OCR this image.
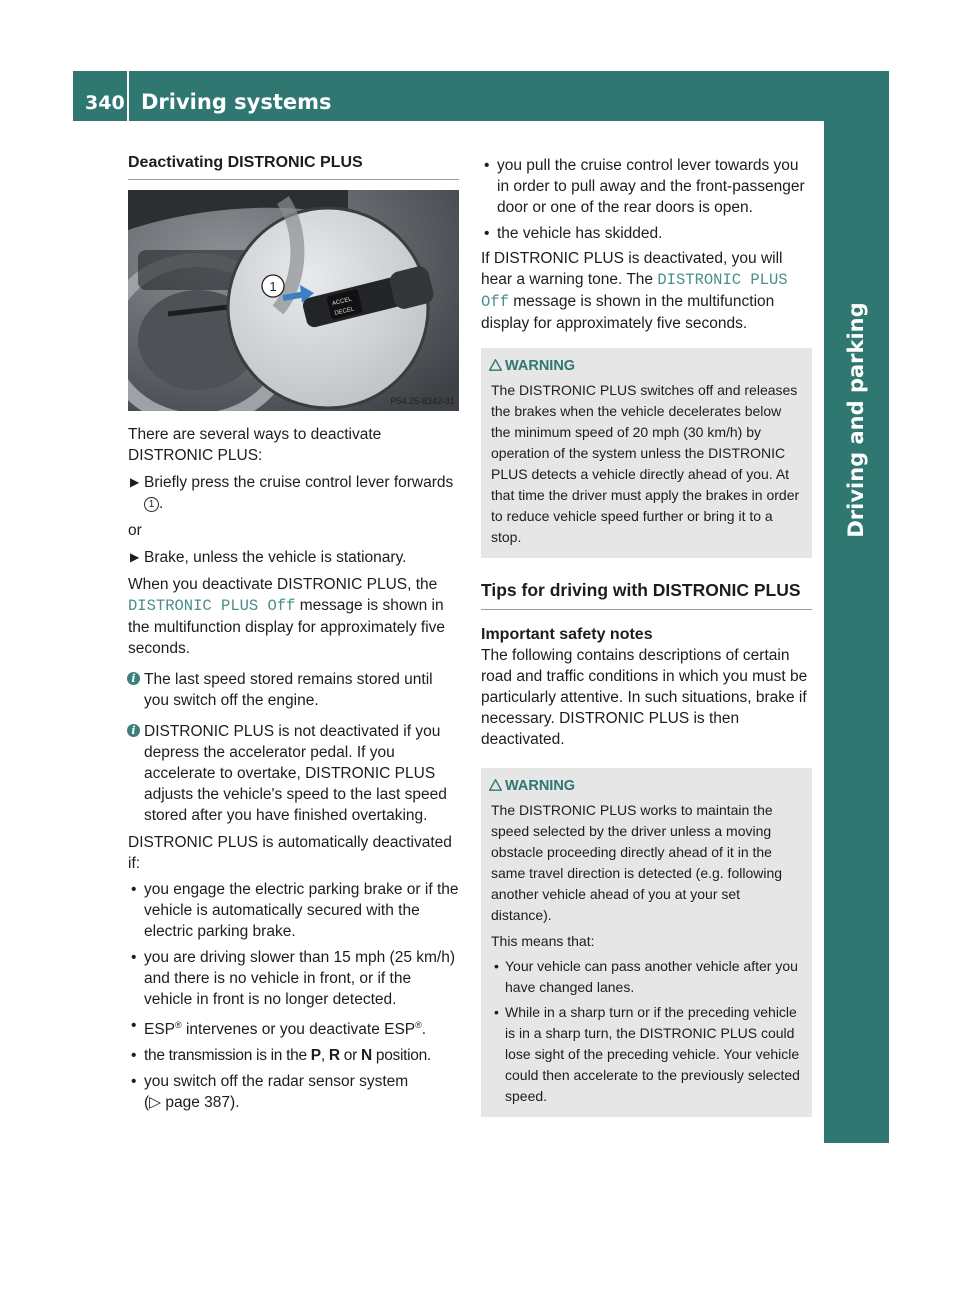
340 Driving systems
Driving and parking
Deactivating DISTRONIC PLUS
ACCEL
DECEL
1
P54.25-8342-31

There are several ways to deactivate DISTRONIC PLUS:

▶ Briefly press the cruise control lever forwards 1 .

or

▶ Brake, unless the vehicle is stationary.

When you deactivate DISTRONIC PLUS, the DISTRONIC PLUS Off message is shown in the multifunction display for approximately five seconds.

i The last speed stored remains stored until you switch off the engine.

i DISTRONIC PLUS is not deactivated if you depress the accelerator pedal. If you accelerate to overtake, DISTRONIC PLUS adjusts the vehicle's speed to the last speed stored after you have finished overtaking.

DISTRONIC PLUS is automatically deactivated if:

• you engage the electric parking brake or if the vehicle is automatically secured with the electric parking brake.

• you are driving slower than 15 mph (25 km/h) and there is no vehicle in front, or if the vehicle in front is no longer detected.

• ESP® intervenes or you deactivate ESP®.

• the transmission is in the P, R or N position.

• you switch off the radar sensor system
(▷ page 387).

• you pull the cruise control lever towards you in order to pull away and the front-passenger door or one of the rear doors is open.

• the vehicle has skidded.

If DISTRONIC PLUS is deactivated, you will hear a warning tone. The DISTRONIC PLUS Off message is shown in the multifunction display for approximately five seconds.

WARNING
The DISTRONIC PLUS switches off and releases the brakes when the vehicle decelerates below the minimum speed of 20 mph (30 km/h) by operation of the system unless the DISTRONIC PLUS detects a vehicle directly ahead of you. At that time the driver must apply the brakes in order to reduce vehicle speed further or bring it to a stop.
Tips for driving with DISTRONIC PLUS

Important safety notes

The following contains descriptions of certain road and traffic conditions in which you must be particularly attentive. In such situations, brake if necessary. DISTRONIC PLUS is then deactivated.

WARNING
The DISTRONIC PLUS works to maintain the speed selected by the driver unless a moving obstacle proceeding directly ahead of it in the same travel direction is detected (e.g. following another vehicle ahead of you at your set distance).
This means that:
• Your vehicle can pass another vehicle after you have changed lanes.
• While in a sharp turn or if the preceding vehicle is in a sharp turn, the DISTRONIC PLUS could lose sight of the preceding vehicle. Your vehicle could then accelerate to the previously selected speed.
